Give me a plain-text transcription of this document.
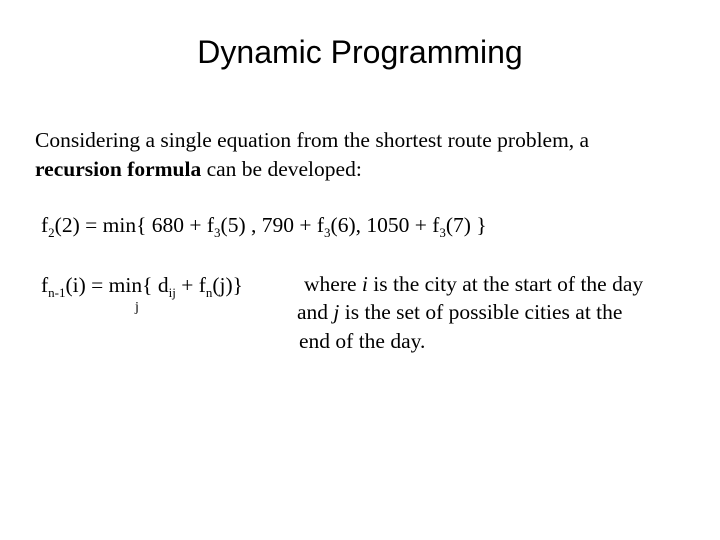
Dynamic Programming
Considering a single equation from the shortest route problem, a
recursion formula can be developed:
$f_2(2) = \min${ $680 + f_3(5)$ , $790 + f_3(6)$, $1050 + f_3(7)$ }
$f_{n-1}(i) = \min${ $d_{ij} + f_n(j)$}
j
where i is the city at the start of the day
and j is the set of possible cities at the
end of the day.
